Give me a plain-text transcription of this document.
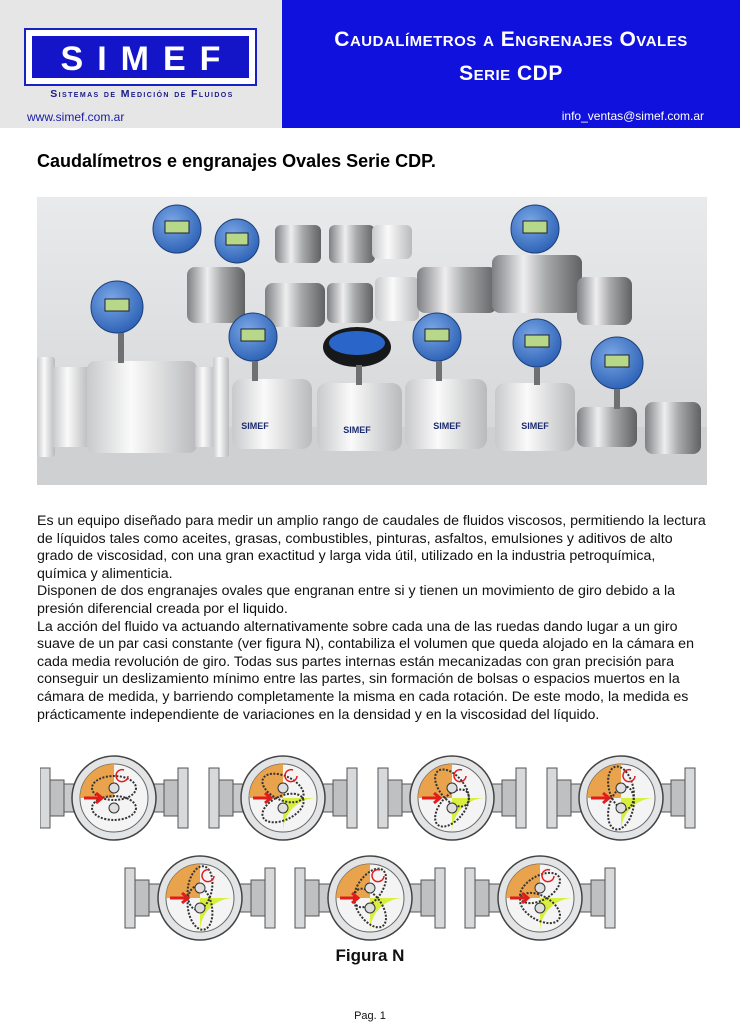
SIMEF
Sistemas de Medición de Fluidos
www.simef.com.ar
Caudalímetros a Engrenajes Ovales
Serie CDP
info_ventas@simef.com.ar
Caudalímetros e engranajes Ovales Serie CDP.
SIMEF	SIMEF	SIMEF	SIMEF

Es un equipo diseñado para medir un amplio rango de caudales de fluidos viscosos, permitiendo la lectura de líquidos tales como aceites, grasas, combustibles, pinturas, asfaltos, emulsiones y aditivos de alto grado de viscosidad, con una gran exactitud y larga vida útil, utilizado en la industria petroquímica, química y alimenticia.

Disponen de dos engranajes ovales que engranan entre si y tienen un movimiento de giro debido a la presión diferencial creada por el liquido.

La acción del fluido va actuando alternativamente sobre cada una de las ruedas dando lugar a un giro suave de un par casi constante (ver figura N), contabiliza el volumen que queda alojado en la cámara en cada media revolución de giro. Todas sus partes internas están mecanizadas con gran precisión para conseguir un deslizamiento mínimo entre las partes, sin formación de bolsas o espacios muertos en la cámara de medida, y barriendo completamente la misma en cada rotación. De este modo, la medida es prácticamente independiente de variaciones en la densidad y en la viscosidad del líquido.

Figura N
Pag. 1
